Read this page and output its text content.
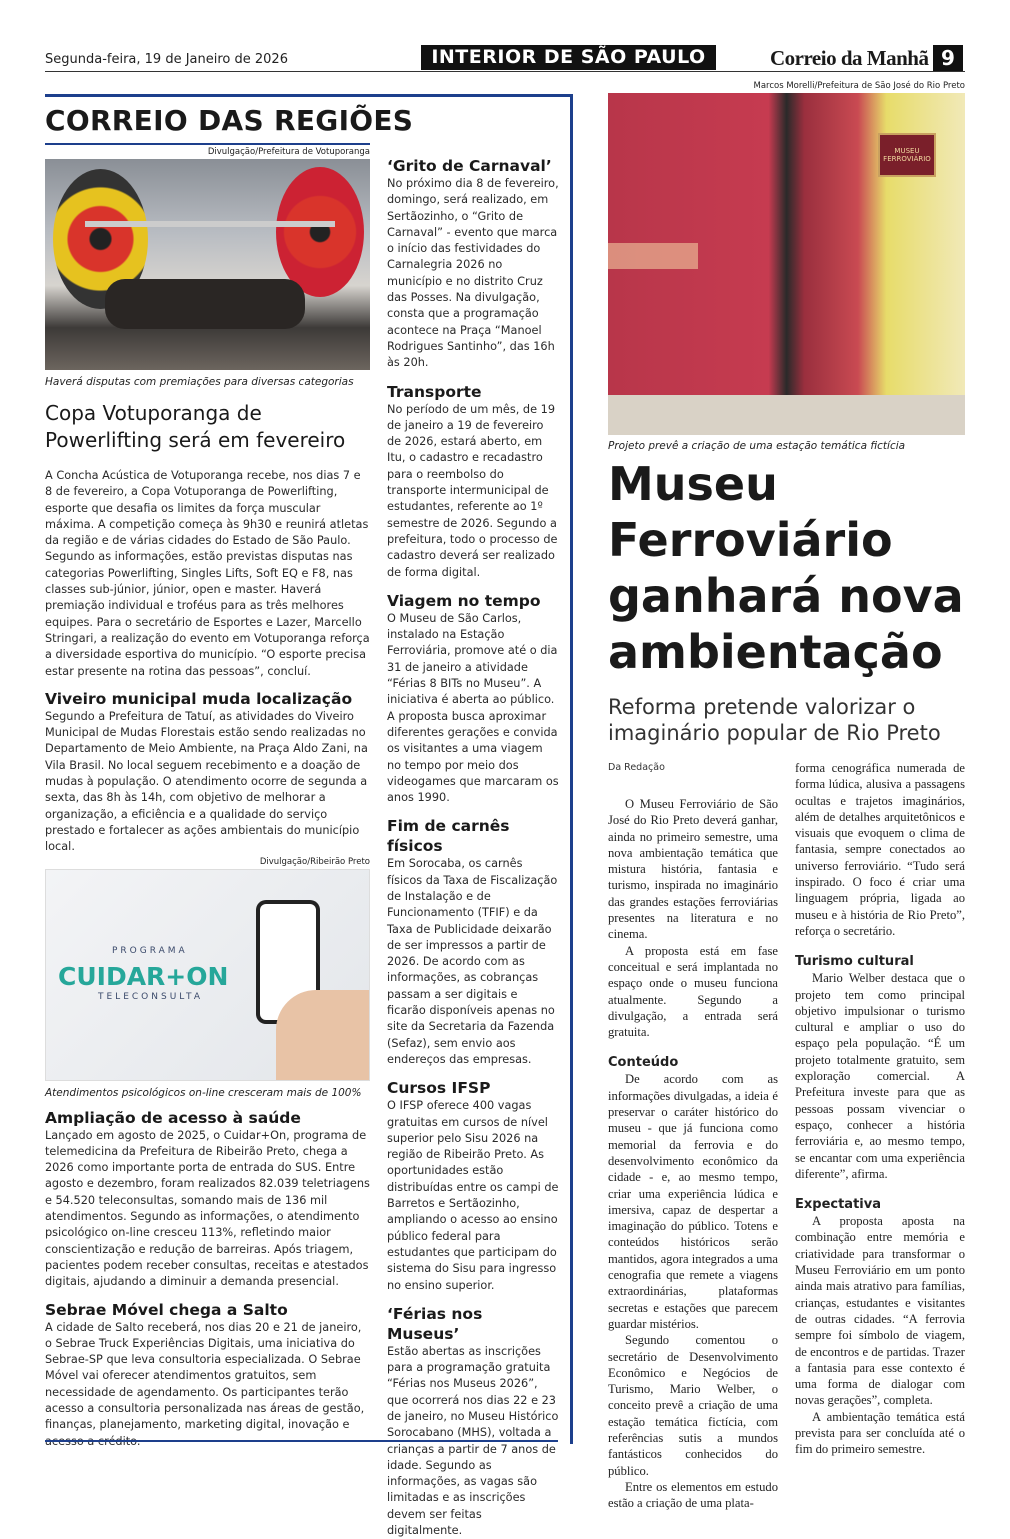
Segunda-feira, 19 de Janeiro de 2026	INTERIOR DE SÃO PAULO	Correio da Manhã 9
CORREIO DAS REGIÕES
Divulgação/Prefeitura de Votuporanga
Haverá disputas com premiações para diversas categorias
Copa Votuporanga de Powerlifting será em fevereiro
A Concha Acústica de Votuporanga recebe, nos dias 7 e 8 de fevereiro, a Copa Votuporanga de Powerlifting, esporte que desafia os limites da força muscular máxima. A competição começa às 9h30 e reunirá atletas da região e de várias cidades do Estado de São Paulo. Segundo as informações, estão previstas disputas nas categorias Powerlifting, Singles Lifts, Soft EQ e F8, nas classes sub-júnior, júnior, open e master. Haverá premiação individual e troféus para as três melhores equipes. Para o secretário de Esportes e Lazer, Marcello Stringari, a realização do evento em Votuporanga reforça a diversidade esportiva do município. “O esporte precisa estar presente na rotina das pessoas”, concluí.
Viveiro municipal muda localização
Segundo a Prefeitura de Tatuí, as atividades do Viveiro Municipal de Mudas Florestais estão sendo realizadas no Departamento de Meio Ambiente, na Praça Aldo Zani, na Vila Brasil. No local seguem recebimento e a doação de mudas à população. O atendimento ocorre de segunda a sexta, das 8h às 14h, com objetivo de melhorar a organização, a eficiência e a qualidade do serviço prestado e fortalecer as ações ambientais do município local.
Divulgação/Ribeirão Preto
PROGRAMA
CUIDAR+ON
TELECONSULTA
Atendimentos psicológicos on-line cresceram mais de 100%
Ampliação de acesso à saúde
Lançado em agosto de 2025, o Cuidar+On, programa de telemedicina da Prefeitura de Ribeirão Preto, chega a 2026 como importante porta de entrada do SUS. Entre agosto e dezembro, foram realizados 82.039 teletriagens e 54.520 teleconsultas, somando mais de 136 mil atendimentos. Segundo as informações, o atendimento psicológico on-line cresceu 113%, refletindo maior conscientização e redução de barreiras. Após triagem, pacientes podem receber consultas, receitas e atestados digitais, ajudando a diminuir a demanda presencial.
Sebrae Móvel chega a Salto
A cidade de Salto receberá, nos dias 20 e 21 de janeiro, o Sebrae Truck Experiências Digitais, uma iniciativa do Sebrae-SP que leva consultoria especializada. O Sebrae Móvel vai oferecer atendimentos gratuitos, sem necessidade de agendamento. Os participantes terão acesso a consultoria personalizada nas áreas de gestão, finanças, planejamento, marketing digital, inovação e
‘Grito de Carnaval’
No próximo dia 8 de fevereiro, domingo, será realizado, em Sertãozinho, o “Grito de Carnaval” - evento que marca o início das festividades do Carnalegria 2026 no município e no distrito Cruz das Posses. Na divulgação, consta que a programação acontece na Praça “Manoel Rodrigues Santinho”, das 16h às 20h.
Transporte
No período de um mês, de 19 de janeiro a 19 de fevereiro de 2026, estará aberto, em Itu, o cadastro e recadastro para o reembolso do transporte intermunicipal de estudantes, referente ao 1º semestre de 2026. Segundo a prefeitura, todo o processo de cadastro deverá ser realizado de forma digital.
Viagem no tempo
O Museu de São Carlos, instalado na Estação Ferroviária, promove até o dia 31 de janeiro a atividade “Férias 8 BITs no Museu”. A iniciativa é aberta ao público. A proposta busca aproximar diferentes gerações e convida os visitantes a uma viagem no tempo por meio dos videogames que marcaram os anos 1990.
Fim de carnês físicos
Em Sorocaba, os carnês físicos da Taxa de Fiscalização de Instalação e de Funcionamento (TFIF) e da Taxa de Publicidade deixarão de ser impressos a partir de 2026. De acordo com as informações, as cobranças passam a ser digitais e ficarão disponíveis apenas no site da Secretaria da Fazenda (Sefaz), sem envio aos endereços das empresas.
Cursos IFSP
O IFSP oferece 400 vagas gratuitas em cursos de nível superior pelo Sisu 2026 na região de Ribeirão Preto. As oportunidades estão distribuídas entre os campi de Barretos e Sertãozinho, ampliando o acesso ao ensino público federal para estudantes que participam do sistema do Sisu para ingresso no ensino superior.
‘Férias nos Museus’
Estão abertas as inscrições para a programação gratuita “Férias nos Museus 2026”, que ocorrerá nos dias 22 e 23 de janeiro, no Museu Histórico Sorocabano (MHS), voltada a crianças a partir de 7 anos de idade. Segundo as informações, as vagas são limitadas e as inscrições devem ser feitas digitalmente.
Marcos Morelli/Prefeitura de São José do Rio Preto
MUSEU FERROVIÁRIO
Projeto prevê a criação de uma estação temática fictícia
Museu Ferroviário ganhará nova ambientação
Reforma pretende valorizar o imaginário popular de Rio Preto
Da Redação

O Museu Ferroviário de São José do Rio Preto deverá ganhar, ainda no primeiro semestre, uma nova ambientação temática que mistura história, fantasia e turismo, inspirada no imaginário das grandes estações ferroviárias presentes na literatura e no cinema.

A proposta está em fase conceitual e será implantada no espaço onde o museu funciona atualmente. Segundo a divulgação, a entrada será gratuita.

Conteúdo

De acordo com as informações divulgadas, a ideia é preservar o caráter histórico do museu - que já funciona como memorial da ferrovia e do desenvolvimento econômico da cidade - e, ao mesmo tempo, criar uma experiência lúdica e imersiva, capaz de despertar a imaginação do público. Totens e conteúdos históricos serão mantidos, agora integrados a uma cenografia que remete a viagens extraordinárias, plataformas secretas e estações que parecem guardar mistérios.

Segundo comentou o secretário de Desenvolvimento Econômico e Negócios de Turismo, Mario Welber, o conceito prevê a criação de uma estação temática fictícia, com referências sutis a mundos fantásticos conhecidos do público.

Entre os elementos em estudo estão a criação de uma plata-

forma cenográfica numerada de forma lúdica, alusiva a passagens ocultas e trajetos imaginários, além de detalhes arquitetônicos e visuais que evoquem o clima de fantasia, sempre conectados ao universo ferroviário. “Tudo será inspirado. O foco é criar uma linguagem própria, ligada ao museu e à história de Rio Preto”, reforça o secretário.
Turismo cultural

Mario Welber destaca que o projeto tem como principal objetivo impulsionar o turismo cultural e ampliar o uso do espaço pela população. “É um projeto totalmente gratuito, sem exploração comercial. A Prefeitura investe para que as pessoas possam vivenciar o espaço, conhecer a história ferroviária e, ao mesmo tempo, se encantar com uma experiência diferente”, afirma.

Expectativa

A proposta aposta na combinação entre memória e criatividade para transformar o Museu Ferroviário em um ponto ainda mais atrativo para famílias, crianças, estudantes e visitantes de outras cidades. “A ferrovia sempre foi símbolo de viagem, de encontros e de partidas. Trazer a fantasia para esse contexto é uma forma de dialogar com novas gerações”, completa.

A ambientação temática está prevista para ser concluída até o fim do primeiro semestre.
